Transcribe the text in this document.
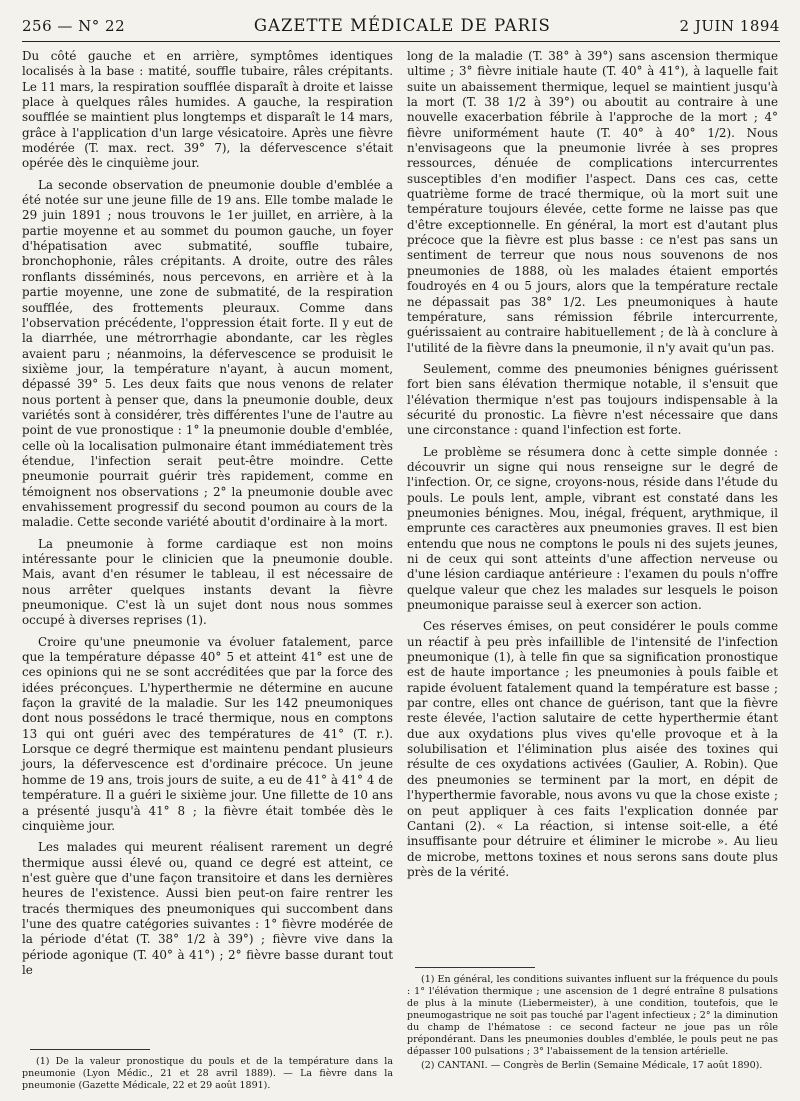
256 — N° 22	GAZETTE MÉDICALE DE PARIS	2 JUIN 1894

Du côté gauche et en arrière, symptômes identiques localisés à la base : matité, souffle tubaire, râles crépitants. Le 11 mars, la respiration soufflée disparaît à droite et laisse place à quelques râles humides. A gauche, la respiration soufflée se maintient plus longtemps et disparaît le 14 mars, grâce à l'application d'un large vésicatoire. Après une fièvre modérée (T. max. rect. 39° 7), la défervescence s'était opérée dès le cinquième jour.

La seconde observation de pneumonie double d'emblée a été notée sur une jeune fille de 19 ans. Elle tombe malade le 29 juin 1891 ; nous trouvons le 1er juillet, en arrière, à la partie moyenne et au sommet du poumon gauche, un foyer d'hépatisation avec submatité, souffle tubaire, bronchophonie, râles crépitants. A droite, outre des râles ronflants disséminés, nous percevons, en arrière et à la partie moyenne, une zone de submatité, de la respiration soufflée, des frottements pleuraux. Comme dans l'observation précédente, l'oppression était forte. Il y eut de la diarrhée, une métrorrhagie abondante, car les règles avaient paru ; néanmoins, la défervescence se produisit le sixième jour, la température n'ayant, à aucun moment, dépassé 39° 5. Les deux faits que nous venons de relater nous portent à penser que, dans la pneumonie double, deux variétés sont à considérer, très différentes l'une de l'autre au point de vue pronostique : 1° la pneumonie double d'emblée, celle où la localisation pulmonaire étant immédiatement très étendue, l'infection serait peut-être moindre. Cette pneumonie pourrait guérir très rapidement, comme en témoignent nos observations ; 2° la pneumonie double avec envahissement progressif du second poumon au cours de la maladie. Cette seconde variété aboutit d'ordinaire à la mort.

La pneumonie à forme cardiaque est non moins intéressante pour le clinicien que la pneumonie double. Mais, avant d'en résumer le tableau, il est nécessaire de nous arrêter quelques instants devant la fièvre pneumonique. C'est là un sujet dont nous nous sommes occupé à diverses reprises (1).

Croire qu'une pneumonie va évoluer fatalement, parce que la température dépasse 40° 5 et atteint 41° est une de ces opinions qui ne se sont accréditées que par la force des idées préconçues. L'hyperthermie ne détermine en aucune façon la gravité de la maladie. Sur les 142 pneumoniques dont nous possédons le tracé thermique, nous en comptons 13 qui ont guéri avec des températures de 41° (T. r.). Lorsque ce degré thermique est maintenu pendant plusieurs jours, la défervescence est d'ordinaire précoce. Un jeune homme de 19 ans, trois jours de suite, a eu de 41° à 41° 4 de température. Il a guéri le sixième jour. Une fillette de 10 ans a présenté jusqu'à 41° 8 ; la fièvre était tombée dès le cinquième jour.

Les malades qui meurent réalisent rarement un degré thermique aussi élevé ou, quand ce degré est atteint, ce n'est guère que d'une façon transitoire et dans les dernières heures de l'existence. Aussi bien peut-on faire rentrer les tracés thermiques des pneumoniques qui succombent dans l'une des quatre catégories suivantes : 1° fièvre modérée de la période d'état (T. 38° 1/2 à 39°) ; fièvre vive dans la période agonique (T. 40° à 41°) ; 2° fièvre basse durant tout le

long de la maladie (T. 38° à 39°) sans ascension thermique ultime ; 3° fièvre initiale haute (T. 40° à 41°), à laquelle fait suite un abaissement thermique, lequel se maintient jusqu'à la mort (T. 38 1/2 à 39°) ou aboutit au contraire à une nouvelle exacerbation fébrile à l'approche de la mort ; 4° fièvre uniformément haute (T. 40° à 40° 1/2). Nous n'envisageons que la pneumonie livrée à ses propres ressources, dénuée de complications intercurrentes susceptibles d'en modifier l'aspect. Dans ces cas, cette quatrième forme de tracé thermique, où la mort suit une température toujours élevée, cette forme ne laisse pas que d'être exceptionnelle. En général, la mort est d'autant plus précoce que la fièvre est plus basse : ce n'est pas sans un sentiment de terreur que nous nous souvenons de nos pneumonies de 1888, où les malades étaient emportés foudroyés en 4 ou 5 jours, alors que la température rectale ne dépassait pas 38° 1/2. Les pneumoniques à haute température, sans rémission fébrile intercurrente, guérissaient au contraire habituellement ; de là à conclure à l'utilité de la fièvre dans la pneumonie, il n'y avait qu'un pas.

Seulement, comme des pneumonies bénignes guérissent fort bien sans élévation thermique notable, il s'ensuit que l'élévation thermique n'est pas toujours indispensable à la sécurité du pronostic. La fièvre n'est nécessaire que dans une circonstance : quand l'infection est forte.

Le problème se résumera donc à cette simple donnée : découvrir un signe qui nous renseigne sur le degré de l'infection. Or, ce signe, croyons-nous, réside dans l'étude du pouls. Le pouls lent, ample, vibrant est constaté dans les pneumonies bénignes. Mou, inégal, fréquent, arythmique, il emprunte ces caractères aux pneumonies graves. Il est bien entendu que nous ne comptons le pouls ni des sujets jeunes, ni de ceux qui sont atteints d'une affection nerveuse ou d'une lésion cardiaque antérieure : l'examen du pouls n'offre quelque valeur que chez les malades sur lesquels le poison pneumonique paraisse seul à exercer son action.

Ces réserves émises, on peut considérer le pouls comme un réactif à peu près infaillible de l'intensité de l'infection pneumonique (1), à telle fin que sa signification pronostique est de haute importance ; les pneumonies à pouls faible et rapide évoluent fatalement quand la température est basse ; par contre, elles ont chance de guérison, tant que la fièvre reste élevée, l'action salutaire de cette hyperthermie étant due aux oxydations plus vives qu'elle provoque et à la solubilisation et l'élimination plus aisée des toxines qui résulte de ces oxydations activées (Gaulier, A. Robin). Que des pneumonies se terminent par la mort, en dépit de l'hyperthermie favorable, nous avons vu que la chose existe ; on peut appliquer à ces faits l'explication donnée par Cantani (2). « La réaction, si intense soit-elle, a été insuffisante pour détruire et éliminer le microbe ». Au lieu de microbe, mettons toxines et nous serons sans doute plus près de la vérité.

(1) De la valeur pronostique du pouls et de la température dans la pneumonie (Lyon Médic., 21 et 28 avril 1889). — La fièvre dans la pneumonie (Gazette Médicale, 22 et 29 août 1891).

(1) En général, les conditions suivantes influent sur la fréquence du pouls : 1° l'élévation thermique ; une ascension de 1 degré entraîne 8 pulsations de plus à la minute (Liebermeister), à une condition, toutefois, que le pneumogastrique ne soit pas touché par l'agent infectieux ; 2° la diminution du champ de l'hématose : ce second facteur ne joue pas un rôle prépondérant. Dans les pneumonies doubles d'emblée, le pouls peut ne pas dépasser 100 pulsations ; 3° l'abaissement de la tension artérielle.

(2) CANTANI. — Congrès de Berlin (Semaine Médicale, 17 août 1890).
